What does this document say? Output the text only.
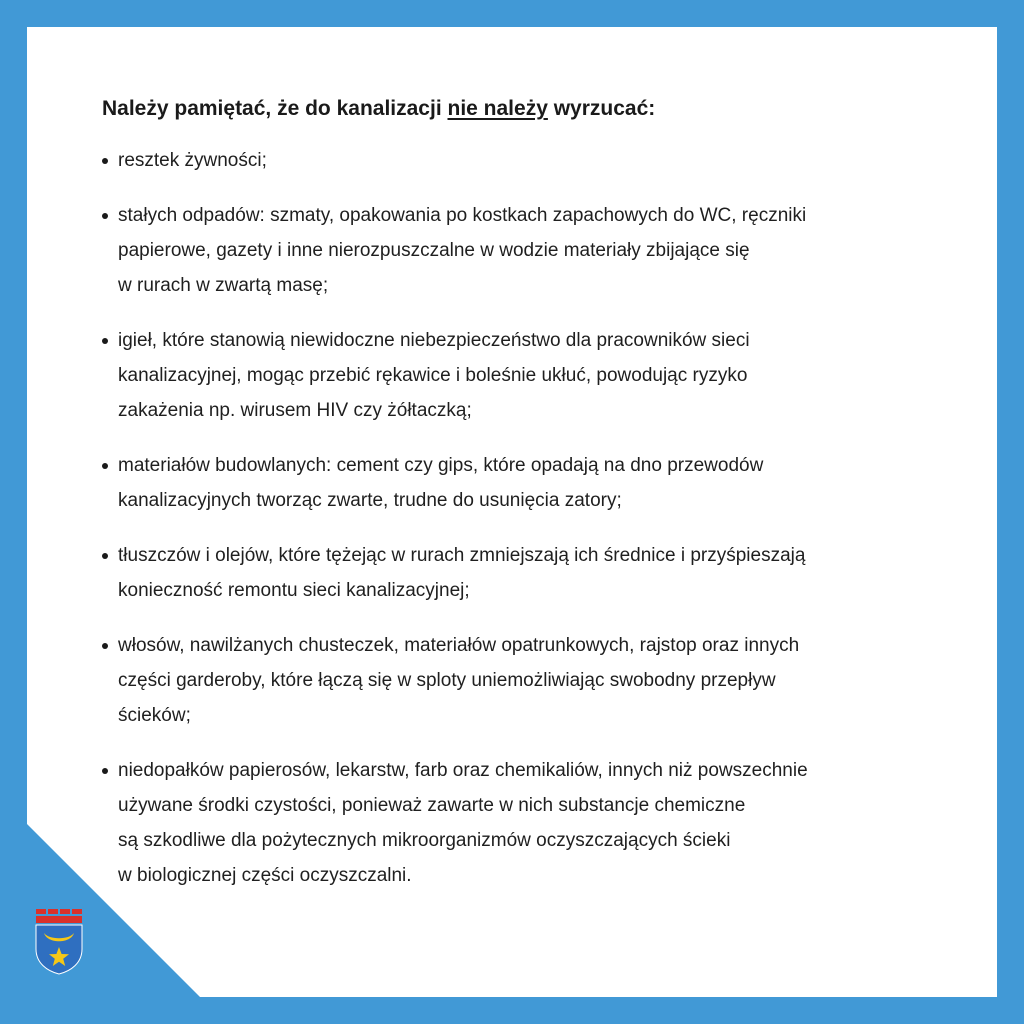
Należy pamiętać, że do kanalizacji nie należy wyrzucać:
resztek żywności;
stałych odpadów: szmaty, opakowania po kostkach zapachowych do WC, ręczniki
papierowe, gazety i inne nierozpuszczalne w wodzie materiały zbijające się
w rurach w zwartą masę;
igieł, które stanowią niewidoczne niebezpieczeństwo dla pracowników sieci
kanalizacyjnej, mogąc przebić rękawice i boleśnie ukłuć, powodując ryzyko
zakażenia np. wirusem HIV czy żółtaczką;
materiałów budowlanych: cement czy gips, które opadają na dno przewodów
kanalizacyjnych tworząc zwarte, trudne do usunięcia zatory;
tłuszczów i olejów, które tężejąc w rurach zmniejszają ich średnice i przyśpieszają
konieczność remontu sieci kanalizacyjnej;
włosów, nawilżanych chusteczek, materiałów opatrunkowych, rajstop oraz innych
części garderoby, które łączą się w sploty uniemożliwiając swobodny przepływ
ścieków;
niedopałków papierosów, lekarstw, farb oraz chemikaliów, innych niż powszechnie
używane środki czystości, ponieważ zawarte w nich substancje chemiczne
są szkodliwe dla pożytecznych mikroorganizmów oczyszczających ścieki
w biologicznej części oczyszczalni.
